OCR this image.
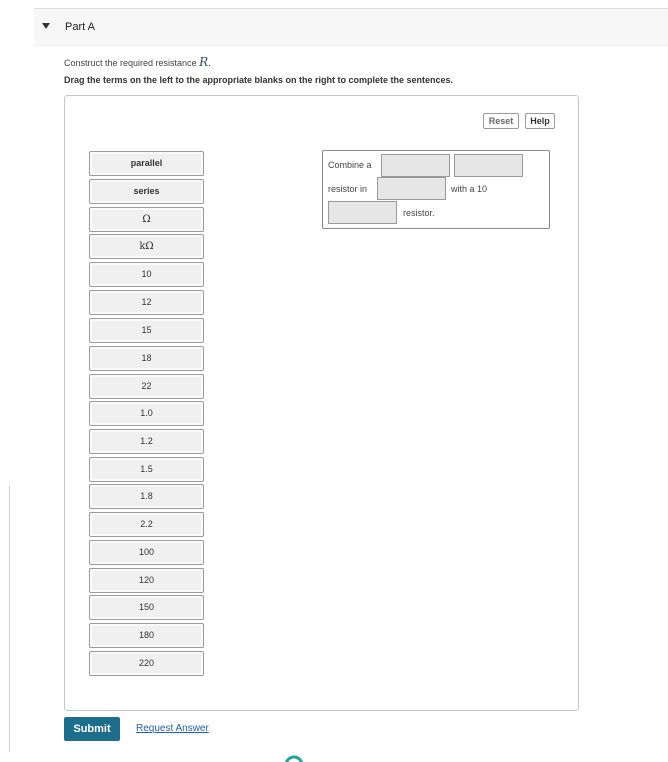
Part A
Construct the required resistance R.
Drag the terms on the left to the appropriate blanks on the right to complete the sentences.
Reset	Help
parallel
series
Ω
kΩ
10
12
15
18
22
1.0
1.2
1.5
1.8
2.2
100
120
150
180
220
Combine a
resistor in	with a 10
resistor.
Submit	Request Answer
